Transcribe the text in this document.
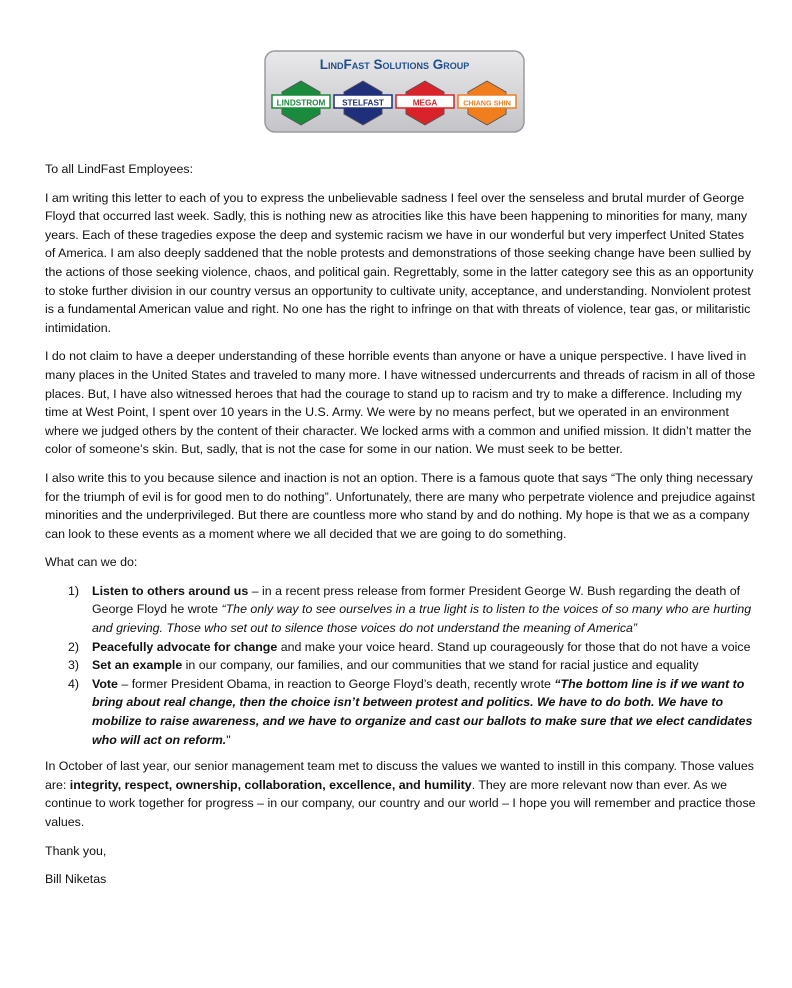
LindFast Solutions Group
LINDSTROM STELFAST	MEGA	CHIANG SHIN

To all LindFast Employees:

I am writing this letter to each of you to express the unbelievable sadness I feel over the senseless and brutal murder of George Floyd that occurred last week. Sadly, this is nothing new as atrocities like this have been happening to minorities for many, many years. Each of these tragedies expose the deep and systemic racism we have in our wonderful but very imperfect United States of America. I am also deeply saddened that the noble protests and demonstrations of those seeking change have been sullied by the actions of those seeking violence, chaos, and political gain. Regrettably, some in the latter category see this as an opportunity to stoke further division in our country versus an opportunity to cultivate unity, acceptance, and understanding. Nonviolent protest is a fundamental American value and right. No one has the right to infringe on that with threats of violence, tear gas, or militaristic intimidation.

I do not claim to have a deeper understanding of these horrible events than anyone or have a unique perspective. I have lived in many places in the United States and traveled to many more. I have witnessed undercurrents and threads of racism in all of those places. But, I have also witnessed heroes that had the courage to stand up to racism and try to make a difference. Including my time at West Point, I spent over 10 years in the U.S. Army. We were by no means perfect, but we operated in an environment where we judged others by the content of their character. We locked arms with a common and unified mission. It didn’t matter the color of someone’s skin. But, sadly, that is not the case for some in our nation. We must seek to be better.

I also write this to you because silence and inaction is not an option. There is a famous quote that says “The only thing necessary for the triumph of evil is for good men to do nothing”. Unfortunately, there are many who perpetrate violence and prejudice against minorities and the underprivileged. But there are countless more who stand by and do nothing. My hope is that we as a company can look to these events as a moment where we all decided that we are going to do something.

What can we do:

1) Listen to others around us – in a recent press release from former President George W. Bush regarding the death of George Floyd he wrote “The only way to see ourselves in a true light is to listen to the voices of so many who are hurting and grieving. Those who set out to silence those voices do not understand the meaning of America”
2) Peacefully advocate for change and make your voice heard. Stand up courageously for those that do not have a voice
3) Set an example in our company, our families, and our communities that we stand for racial justice and equality
4) Vote – former President Obama, in reaction to George Floyd’s death, recently wrote “The bottom line is if we want to bring about real change, then the choice isn’t between protest and politics. We have to do both. We have to mobilize to raise awareness, and we have to organize and cast our ballots to make sure that we elect candidates who will act on reform."

In October of last year, our senior management team met to discuss the values we wanted to instill in this company. Those values are: integrity, respect, ownership, collaboration, excellence, and humility. They are more relevant now than ever. As we continue to work together for progress – in our company, our country and our world – I hope you will remember and practice those values.

Thank you,

Bill Niketas
